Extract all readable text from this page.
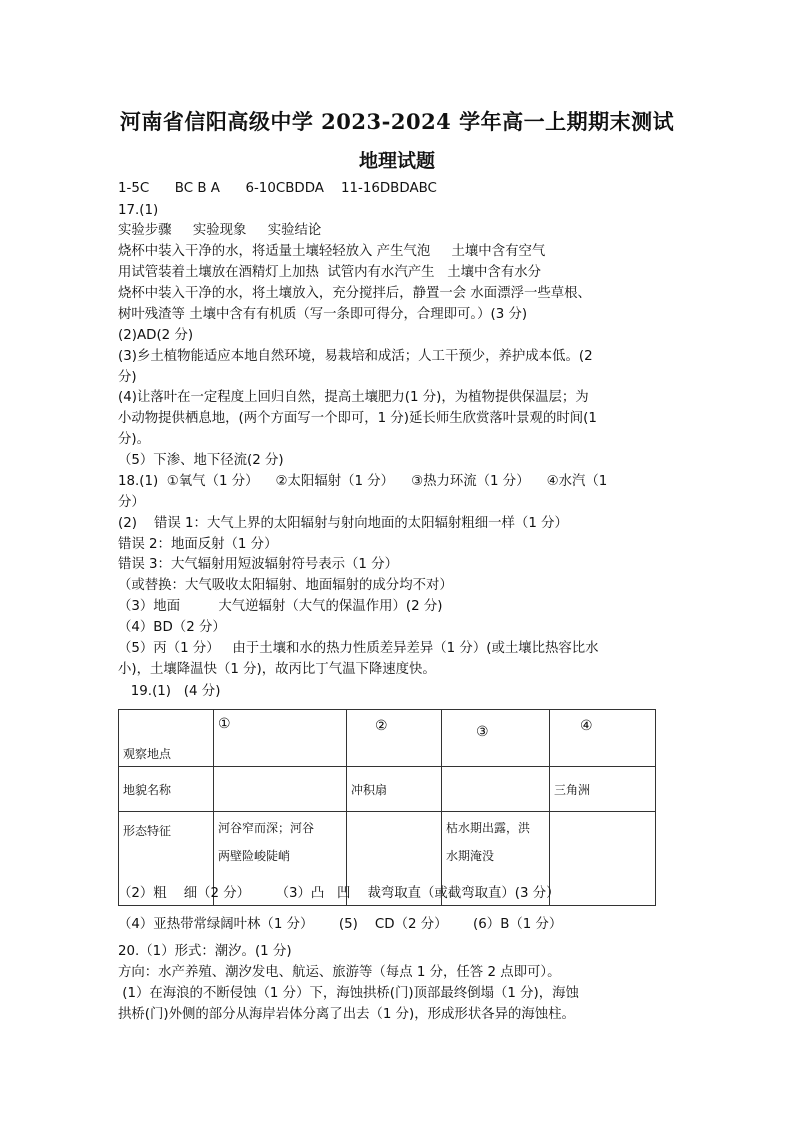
河南省信阳高级中学 2023-2024 学年高一上期期末测试
地理试题
1-5C      BC B A      6-10CBDDA    11-16DBDABC
17.(1)
实验步骤     实验现象     实验结论
烧杯中装入干净的水，将适量土壤轻轻放入 产生气泡     土壤中含有空气
用试管装着土壤放在酒精灯上加热  试管内有水汽产生   土壤中含有水分
烧杯中装入干净的水，将土壤放入，充分搅拌后，静置一会 水面漂浮一些草根、
树叶残渣等 土壤中含有有机质（写一条即可得分，合理即可。）(3 分)
(2)AD(2 分)
(3)乡土植物能适应本地自然环境，易栽培和成活；人工干预少，养护成本低。(2
分)
(4)让落叶在一定程度上回归自然，提高土壤肥力(1 分)，为植物提供保温层；为
小动物提供栖息地，(两个方面写一个即可，1 分)延长师生欣赏落叶景观的时间(1
分)。
（5）下渗、地下径流(2 分)
18.(1)  ①氧气（1 分）    ②太阳辐射（1 分）    ③热力环流（1 分）    ④水汽（1
分）
(2)    错误 1：大气上界的太阳辐射与射向地面的太阳辐射粗细一样（1 分）
错误 2：地面反射（1 分）
错误 3：大气辐射用短波辐射符号表示（1 分）
（或替换：大气吸收太阳辐射、地面辐射的成分均不对）
（3）地面         大气逆辐射（大气的保温作用）(2 分)
（4）BD（2 分）
（5）丙（1 分）   由于土壤和水的热力性质差异差异（1 分）(或土壤比热容比水
小)，土壤降温快（1 分)，故丙比丁气温下降速度快。
19.(1)   (4 分)
观察地点	①	②	③	④
地貌名称		冲积扇		三角洲
形态特征	河谷窄而深；河谷
两壁险峻陡峭		枯水期出露，洪
水期淹没	

（2）粗    细（2 分）      （3）凸   凹    裁弯取直（或截弯取直）(3 分）
（4）亚热带常绿阔叶林（1 分）      (5)    CD（2 分）      (6）B（1 分）
20.（1）形式：潮汐。(1 分)
方向：水产养殖、潮汐发电、航运、旅游等（每点 1 分，任答 2 点即可）。
(1）在海浪的不断侵蚀（1 分）下，海蚀拱桥(门)顶部最终倒塌（1 分)，海蚀
拱桥(门)外侧的部分从海岸岩体分离了出去（1 分)，形成形状各异的海蚀柱。
